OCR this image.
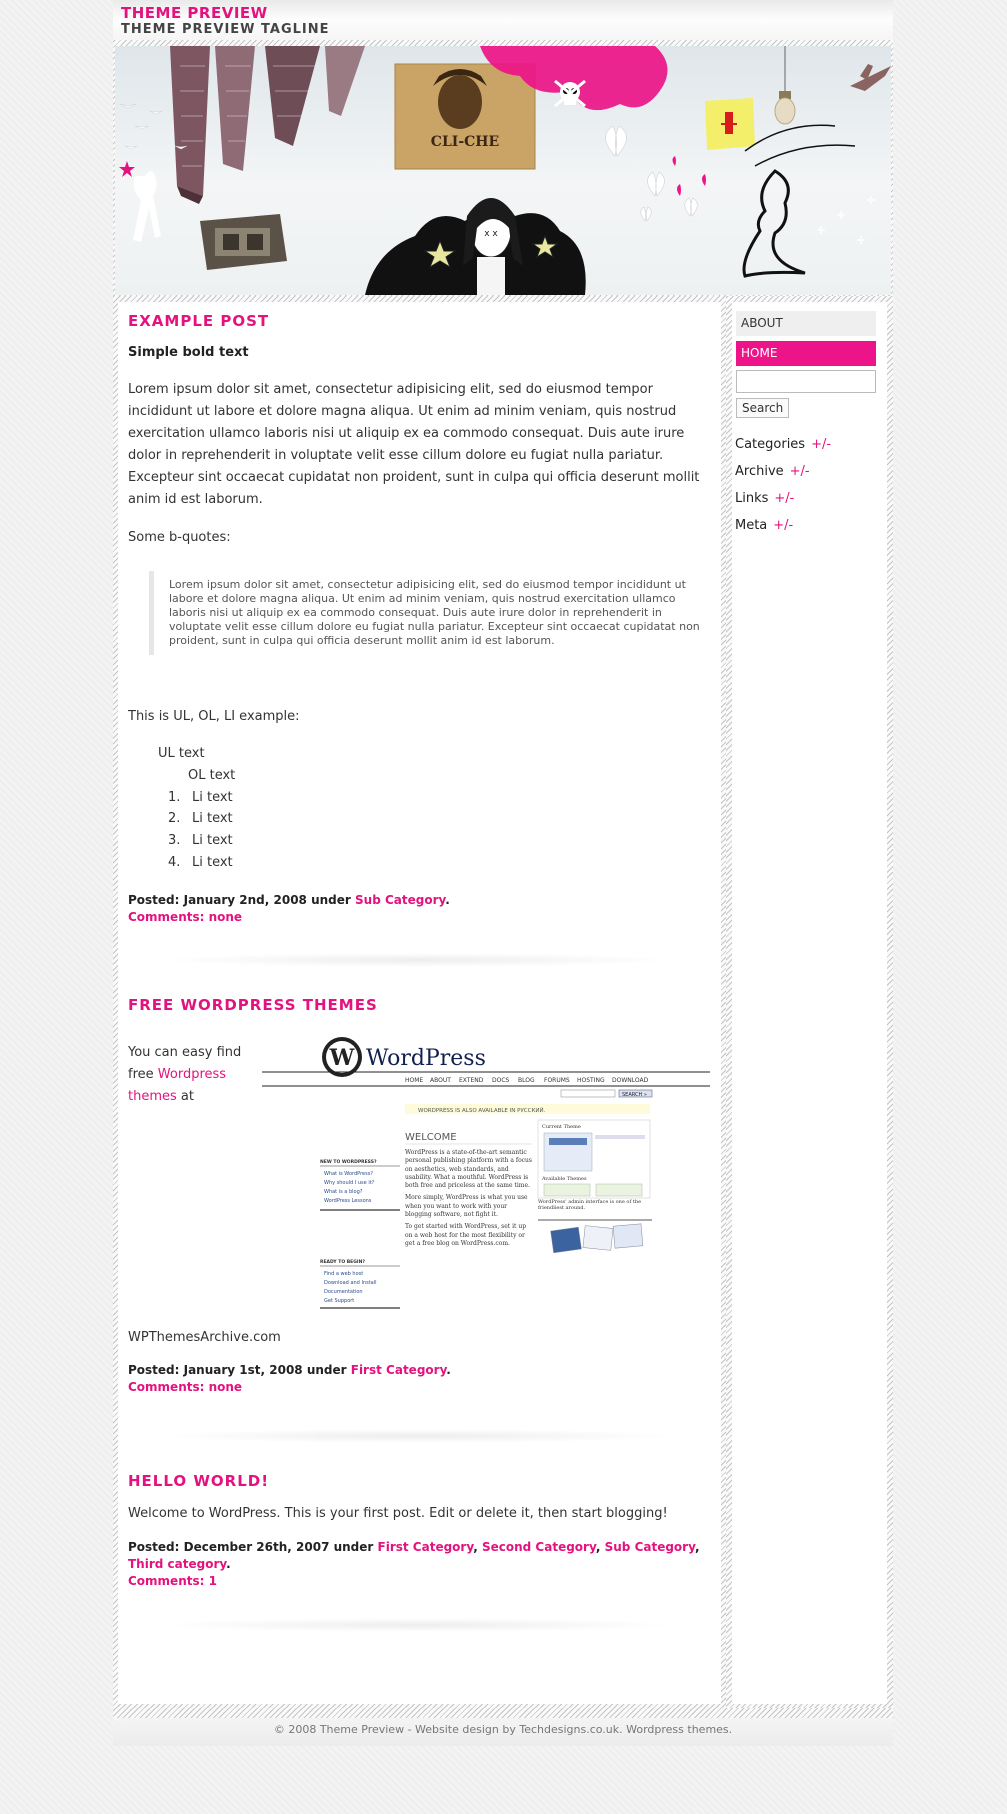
THEME PREVIEW
THEME PREVIEW TAGLINE
CLI-CHE
x x
EXAMPLE POST
Simple bold text
Lorem ipsum dolor sit amet, consectetur adipisicing elit, sed do eiusmod tempor incididunt ut labore et dolore magna aliqua. Ut enim ad minim veniam, quis nostrud exercitation ullamco laboris nisi ut aliquip ex ea commodo consequat. Duis aute irure dolor in reprehenderit in voluptate velit esse cillum dolore eu fugiat nulla pariatur. Excepteur sint occaecat cupidatat non proident, sunt in culpa qui officia deserunt mollit anim id est laborum.
Some b-quotes:
Lorem ipsum dolor sit amet, consectetur adipisicing elit, sed do eiusmod tempor incididunt ut labore et dolore magna aliqua. Ut enim ad minim veniam, quis nostrud exercitation ullamco laboris nisi ut aliquip ex ea commodo consequat. Duis aute irure dolor in reprehenderit in voluptate velit esse cillum dolore eu fugiat nulla pariatur. Excepteur sint occaecat cupidatat non proident, sunt in culpa qui officia deserunt mollit anim id est laborum.
This is UL, OL, LI example:
UL text
OL text
1. Li text
2. Li text
3. Li text
4. Li text
Posted: January 2nd, 2008 under Sub Category.
Comments: none
FREE WORDPRESS THEMES
You can easy find free Wordpress themes at
W WordPress
HOME ABOUT EXTEND DOCS BLOG FORUMS HOSTING DOWNLOAD
SEARCH »
WORDPRESS IS ALSO AVAILABLE IN РУССКИЙ.
WELCOME
NEW TO WORDPRESS?
What is WordPress?
Why should I use it?
What is a blog?
WordPress Lessons
READY TO BEGIN?
Find a web host
Download and Install
Documentation
Get Support
WordPress is a state-of-the-art semantic personal publishing platform with a focus on aesthetics, web standards, and usability. What a mouthful. WordPress is both free and priceless at the same time.
More simply, WordPress is what you use when you want to work with your blogging software, not fight it.
To get started with WordPress, set it up on a web host for the most flexibility or get a free blog on WordPress.com.
Current Theme
Available Themes
WordPress' admin interface is one of the friendliest around.
WPThemesArchive.com
Posted: January 1st, 2008 under First Category.
Comments: none
HELLO WORLD!
Welcome to WordPress. This is your first post. Edit or delete it, then start blogging!
Posted: December 26th, 2007 under First Category, Second Category, Sub Category,
Third category.
Comments: 1
ABOUT
HOME
Search
Categories +/-
Archive +/-
Links +/-
Meta +/-
© 2008 Theme Preview - Website design by Techdesigns.co.uk. Wordpress themes.
